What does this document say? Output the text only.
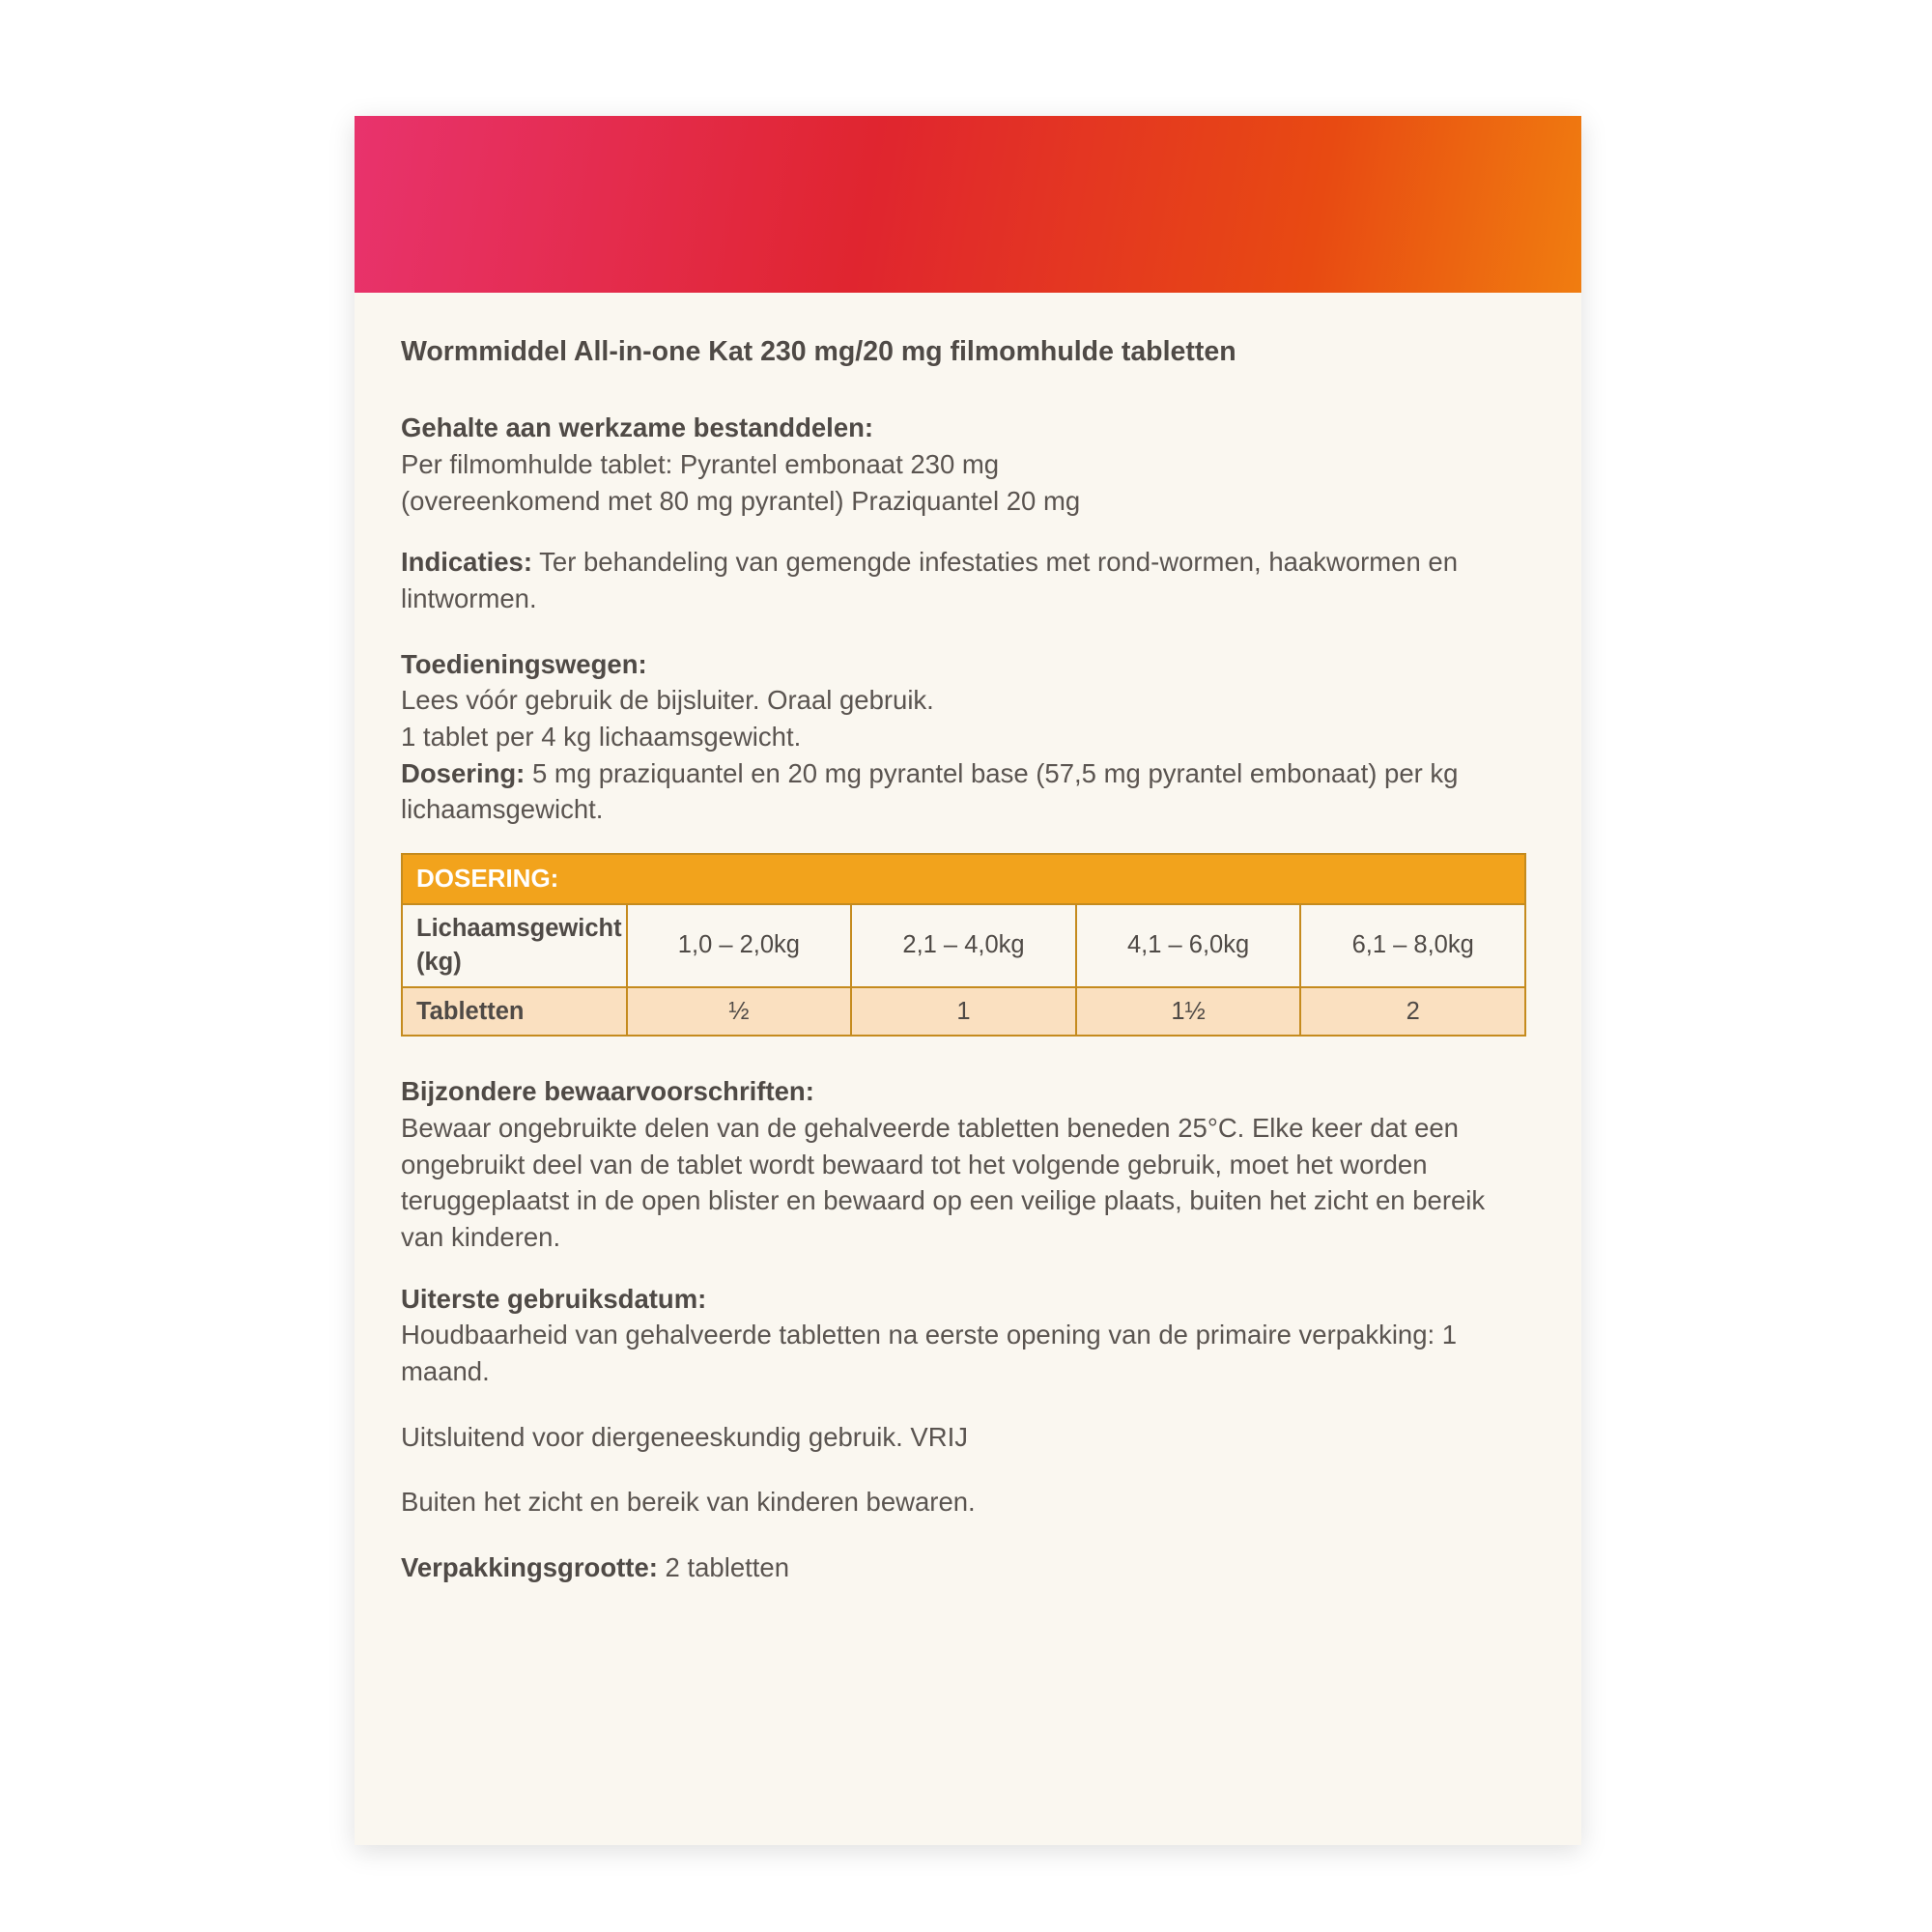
Wormmiddel All-in-one Kat 230 mg/20 mg filmomhulde tabletten
Gehalte aan werkzame bestanddelen:
Per filmomhulde tablet: Pyrantel embonaat 230 mg
(overeenkomend met 80 mg pyrantel) Praziquantel 20 mg
Indicaties: Ter behandeling van gemengde infestaties met rond-wormen, haakwormen en lintwormen.
Toedieningswegen:
Lees vóór gebruik de bijsluiter. Oraal gebruik.
1 tablet per 4 kg lichaamsgewicht.
Dosering: 5 mg praziquantel en 20 mg pyrantel base (57,5 mg pyrantel embonaat) per kg lichaamsgewicht.
DOSERING:				
Lichaamsgewicht (kg)	1,0 – 2,0kg	2,1 – 4,0kg	4,1 – 6,0kg	6,1 – 8,0kg
Tabletten	½	1	1½	2
Bijzondere bewaarvoorschriften:
Bewaar ongebruikte delen van de gehalveerde tabletten beneden 25°C. Elke keer dat een ongebruikt deel van de tablet wordt bewaard tot het volgende gebruik, moet het worden teruggeplaatst in de open blister en bewaard op een veilige plaats, buiten het zicht en bereik van kinderen.
Uiterste gebruiksdatum:
Houdbaarheid van gehalveerde tabletten na eerste opening van de primaire verpakking: 1 maand.
Uitsluitend voor diergeneeskundig gebruik. VRIJ
Buiten het zicht en bereik van kinderen bewaren.
Verpakkingsgrootte: 2 tabletten
